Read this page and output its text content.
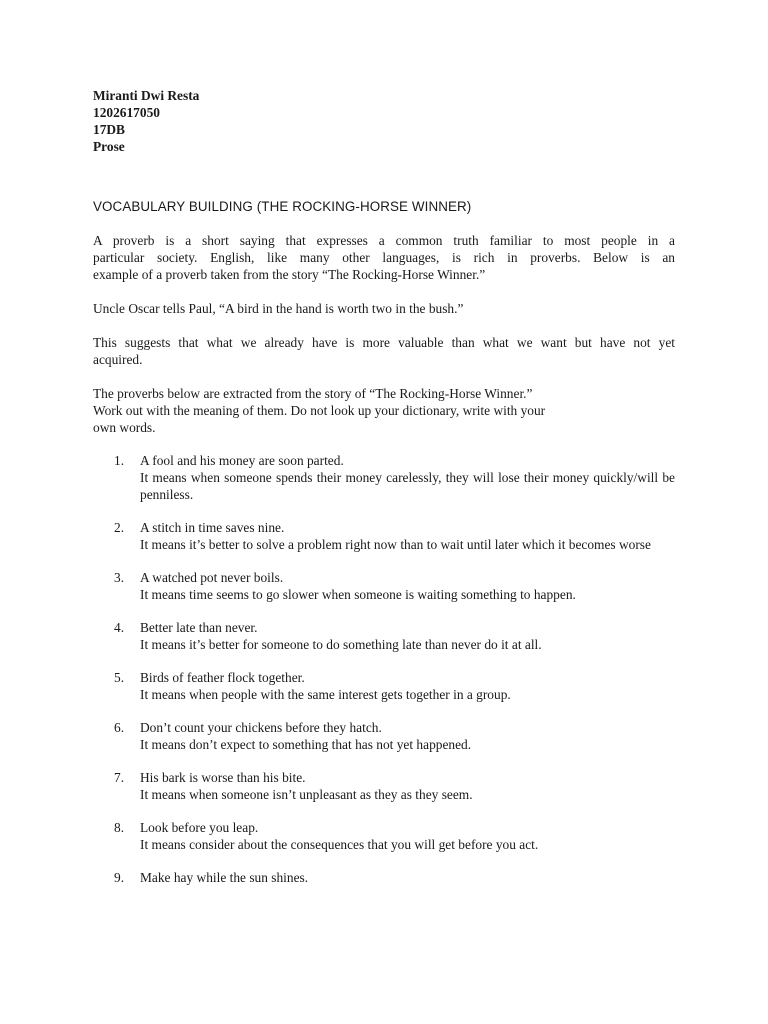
Miranti Dwi Resta
1202617050
17DB
Prose
VOCABULARY BUILDING (THE ROCKING-HORSE WINNER)
A proverb is a short saying that expresses a common truth familiar to most people in a
particular society. English, like many other languages, is rich in proverbs. Below is an
example of a proverb taken from the story “The Rocking-Horse Winner.”
Uncle Oscar tells Paul, “A bird in the hand is worth two in the bush.”
This suggests that what we already have is more valuable than what we want but have not yet
acquired.
The proverbs below are extracted from the story of “The Rocking-Horse Winner.”
Work out with the meaning of them. Do not look up your dictionary, write with your
own words.
1.	A fool and his money are soon parted.
It means when someone spends their money carelessly, they will lose their money quickly/will be penniless.
2.	A stitch in time saves nine.
It means it’s better to solve a problem right now than to wait until later which it becomes worse
3.	A watched pot never boils.
It means time seems to go slower when someone is waiting something to happen.
4.	Better late than never.
It means it’s better for someone to do something late than never do it at all.
5.	Birds of feather flock together.
It means when people with the same interest gets together in a group.
6.	Don’t count your chickens before they hatch.
It means don’t expect to something that has not yet happened.
7.	His bark is worse than his bite.
It means when someone isn’t unpleasant as they as they seem.
8.	Look before you leap.
It means consider about the consequences that you will get before you act.
9.	Make hay while the sun shines.
